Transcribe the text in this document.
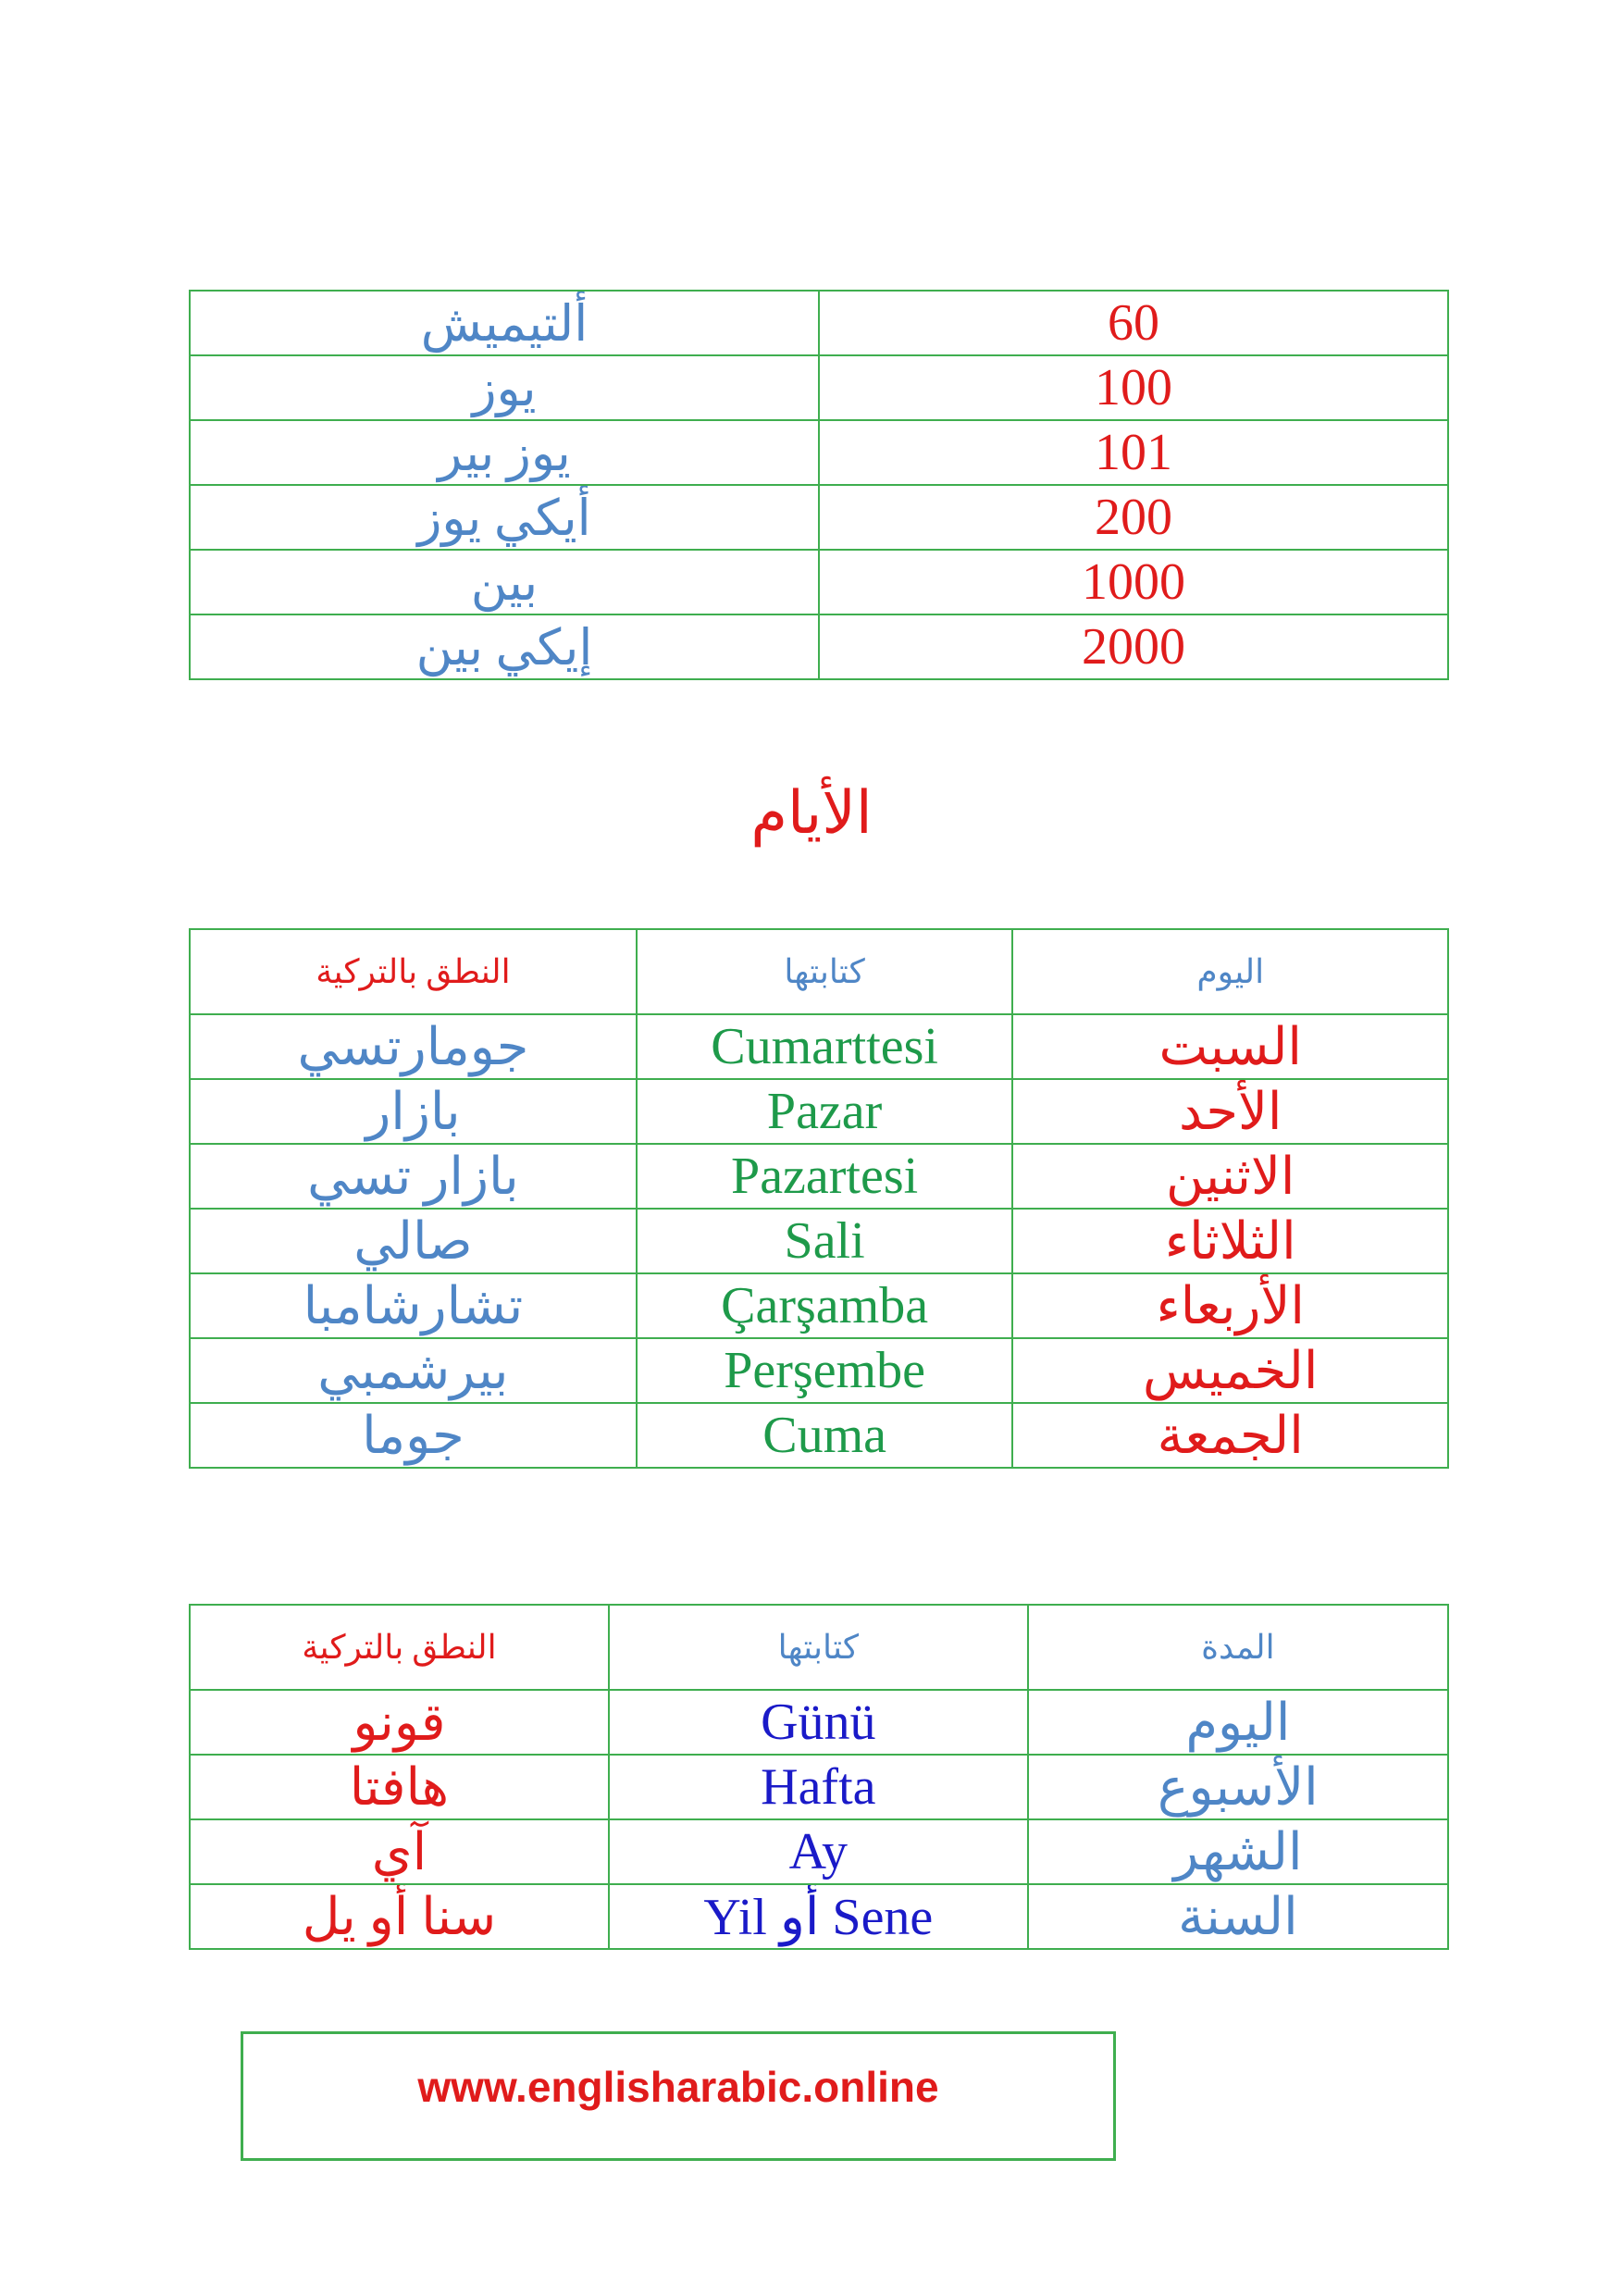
ألتيميش	60
يوز	100
يوز بير	101
أيكي يوز	200
بين	1000
إيكي بين	2000
الأيام
النطق بالتركية	كتابتها	اليوم
جومارتسي	Cumarttesi	السبت
بازار	Pazar	الأحد
بازار تسي	Pazartesi	الاثنين
صالي	Sali	الثلاثاء
تشارشامبا	Çarşamba	الأربعاء
بيرشمبي	Perşembe	الخميس
جوما	Cuma	الجمعة
النطق بالتركية	كتابتها	المدة
قونو	Günü	اليوم
هافتا	Hafta	الأسبوع
آي	Ay	الشهر
سنا أو يل	Yil أو Sene	السنة
www.englisharabic.online
